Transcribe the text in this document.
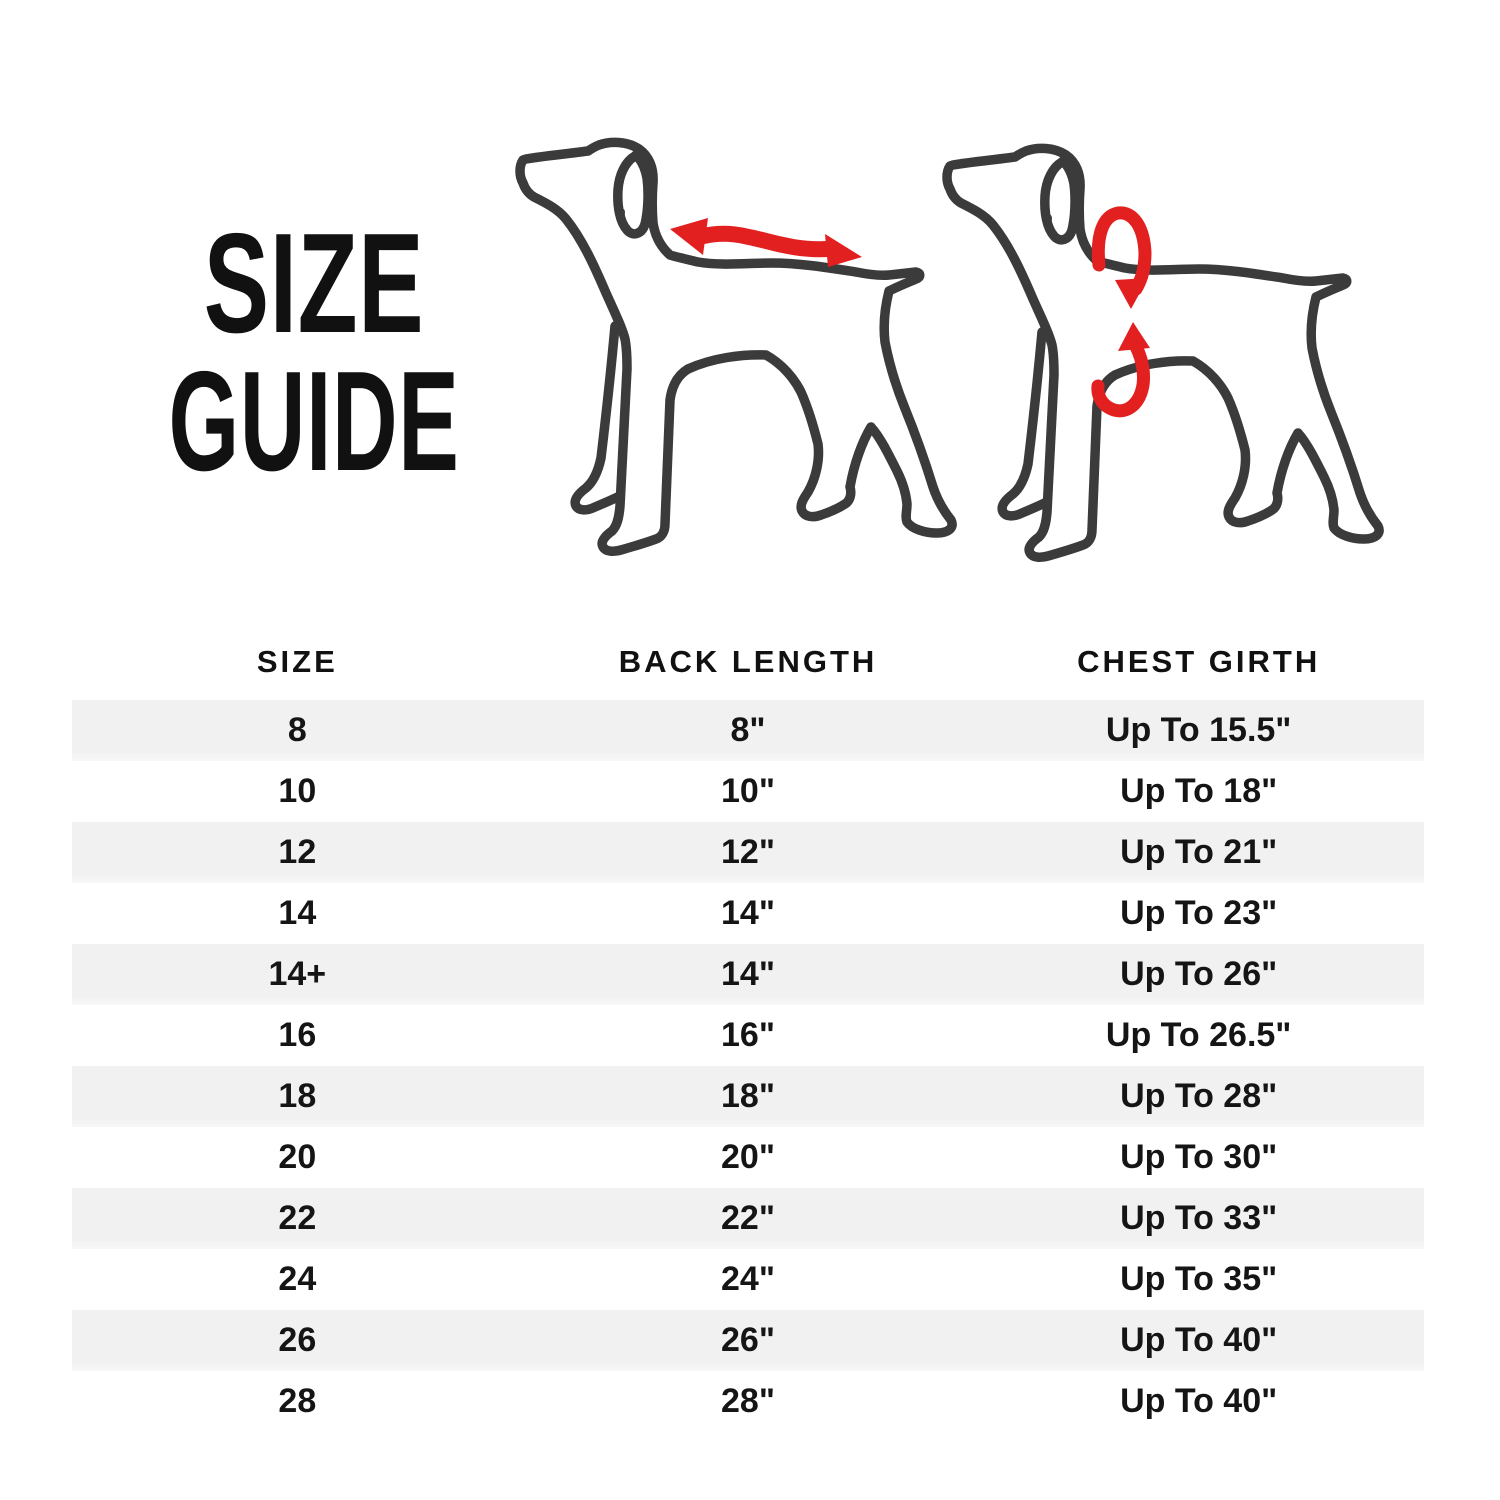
SIZE
GUIDE
SIZE	BACK LENGTH	CHEST GIRTH
8	8"	Up To 15.5"
10	10"	Up To 18"
12	12"	Up To 21"
14	14"	Up To 23"
14+	14"	Up To 26"
16	16"	Up To 26.5"
18	18"	Up To 28"
20	20"	Up To 30"
22	22"	Up To 33"
24	24"	Up To 35"
26	26"	Up To 40"
28	28"	Up To 40"
